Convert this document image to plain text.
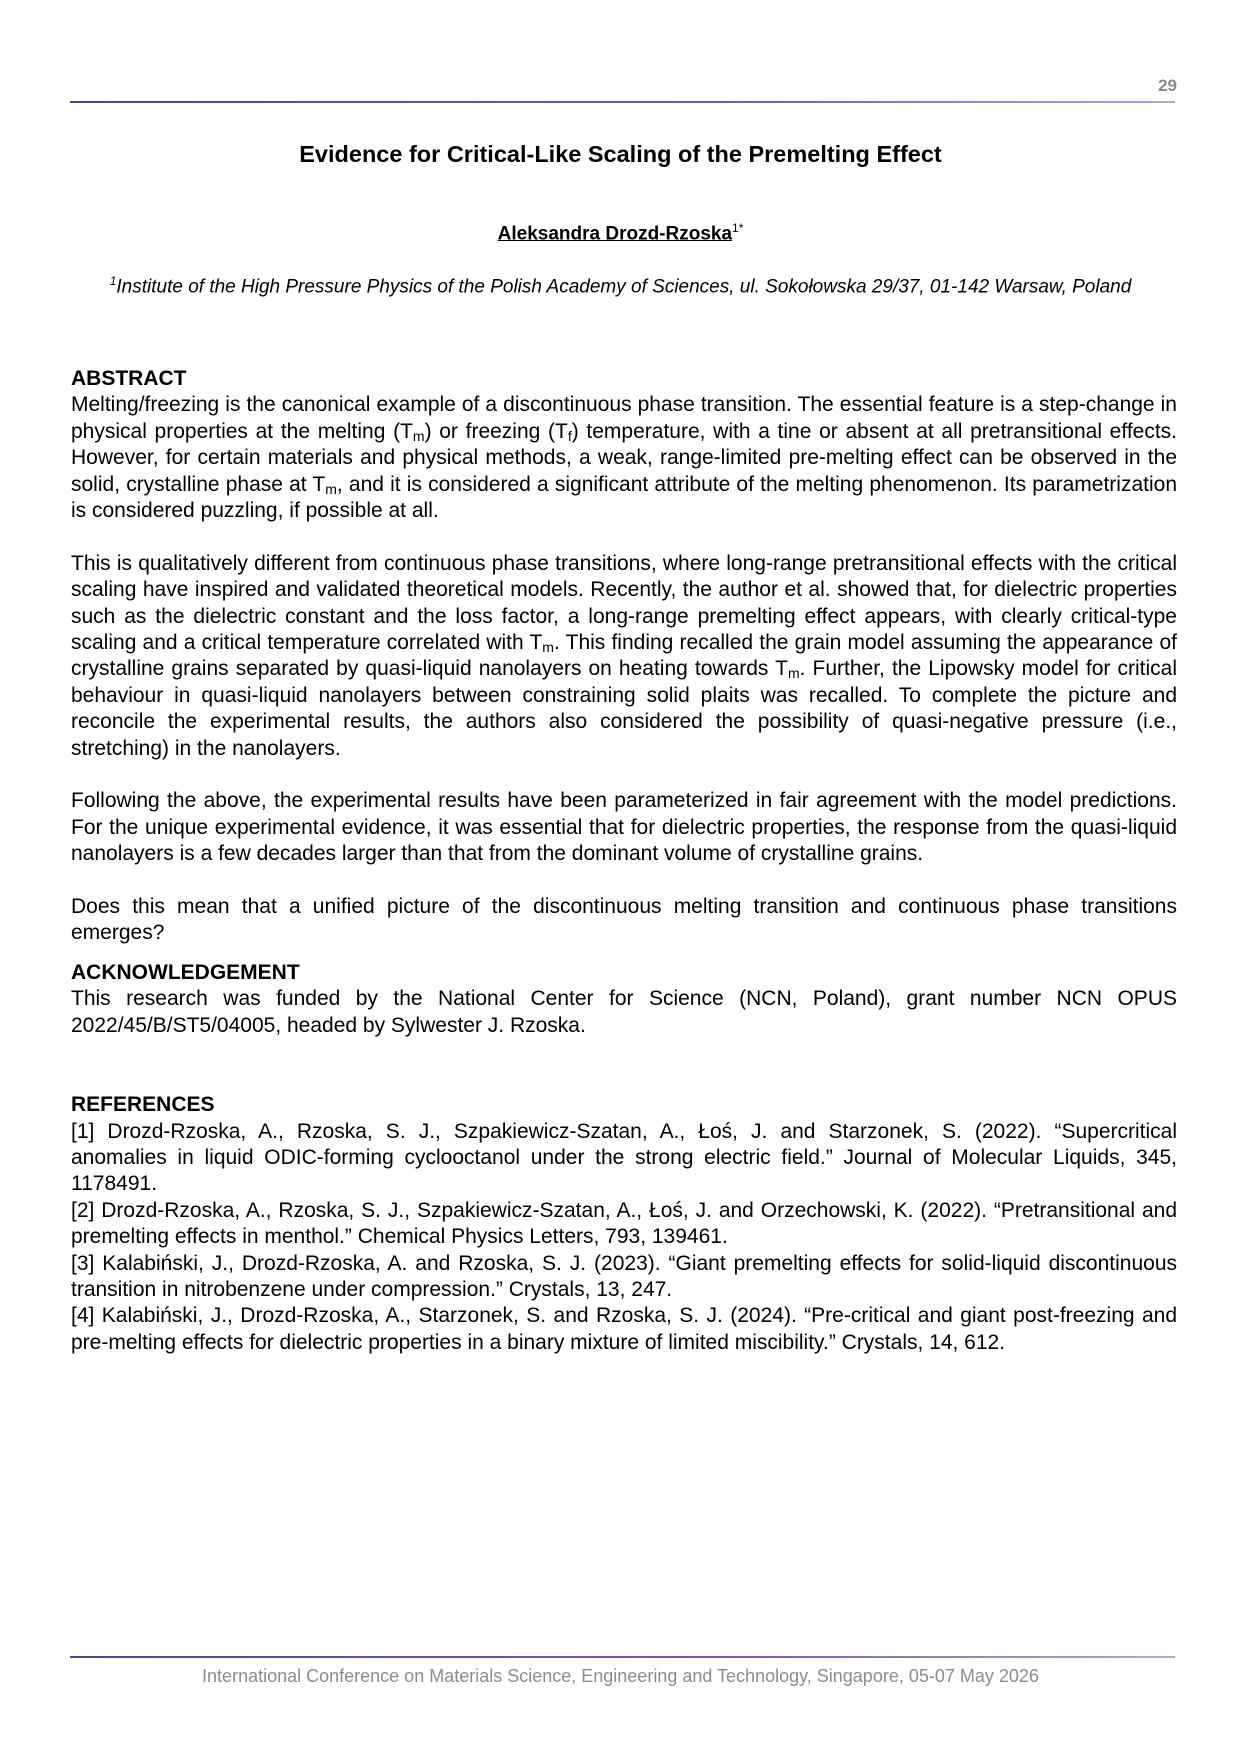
29
Evidence for Critical-Like Scaling of the Premelting Effect
Aleksandra Drozd-Rzoska$^{1*}$
$^1$Institute of the High Pressure Physics of the Polish Academy of Sciences, ul. Sokołowska 29/37, 01-142 Warsaw, Poland

ABSTRACT

Melting/freezing is the canonical example of a discontinuous phase transition. The essential feature is a step-change in physical properties at the melting $(T_m)$ or freezing $(T_f)$ temperature, with a tine or absent at all pretransitional effects. However, for certain materials and physical methods, a weak, range-limited pre-melting effect can be observed in the solid, crystalline phase at $T_m$, and it is considered a significant attribute of the melting phenomenon. Its parametrization is considered puzzling, if possible at all.

This is qualitatively different from continuous phase transitions, where long-range pretransitional effects with the critical scaling have inspired and validated theoretical models. Recently, the author et al. showed that, for dielectric properties such as the dielectric constant and the loss factor, a long-range premelting effect appears, with clearly critical-type scaling and a critical temperature correlated with $T_m$. This finding recalled the grain model assuming the appearance of crystalline grains separated by quasi-liquid nanolayers on heating towards $T_m$. Further, the Lipowsky model for critical behaviour in quasi-liquid nanolayers between constraining solid plaits was recalled. To complete the picture and reconcile the experimental results, the authors also considered the possibility of quasi-negative pressure (i.e., stretching) in the nanolayers.

Following the above, the experimental results have been parameterized in fair agreement with the model predictions. For the unique experimental evidence, it was essential that for dielectric properties, the response from the quasi-liquid nanolayers is a few decades larger than that from the dominant volume of crystalline grains.

Does this mean that a unified picture of the discontinuous melting transition and continuous phase transitions emerges?

ACKNOWLEDGEMENT

This research was funded by the National Center for Science (NCN, Poland), grant number NCN OPUS 2022/45/B/ST5/04005, headed by Sylwester J. Rzoska.

REFERENCES

[1] Drozd-Rzoska, A., Rzoska, S. J., Szpakiewicz-Szatan, A., Łoś, J. and Starzonek, S. (2022). “Supercritical anomalies in liquid ODIC-forming cyclooctanol under the strong electric field.” Journal of Molecular Liquids, 345, 1178491.

[2] Drozd-Rzoska, A., Rzoska, S. J., Szpakiewicz-Szatan, A., Łoś, J. and Orzechowski, K. (2022). “Pretransitional and premelting effects in menthol.” Chemical Physics Letters, 793, 139461.

[3] Kalabiński, J., Drozd-Rzoska, A. and Rzoska, S. J. (2023). “Giant premelting effects for solid-liquid discontinuous transition in nitrobenzene under compression.” Crystals, 13, 247.

[4] Kalabiński, J., Drozd-Rzoska, A., Starzonek, S. and Rzoska, S. J. (2024). “Pre-critical and giant post-freezing and pre-melting effects for dielectric properties in a binary mixture of limited miscibility.” Crystals, 14, 612.

International Conference on Materials Science, Engineering and Technology, Singapore, 05-07 May 2026
